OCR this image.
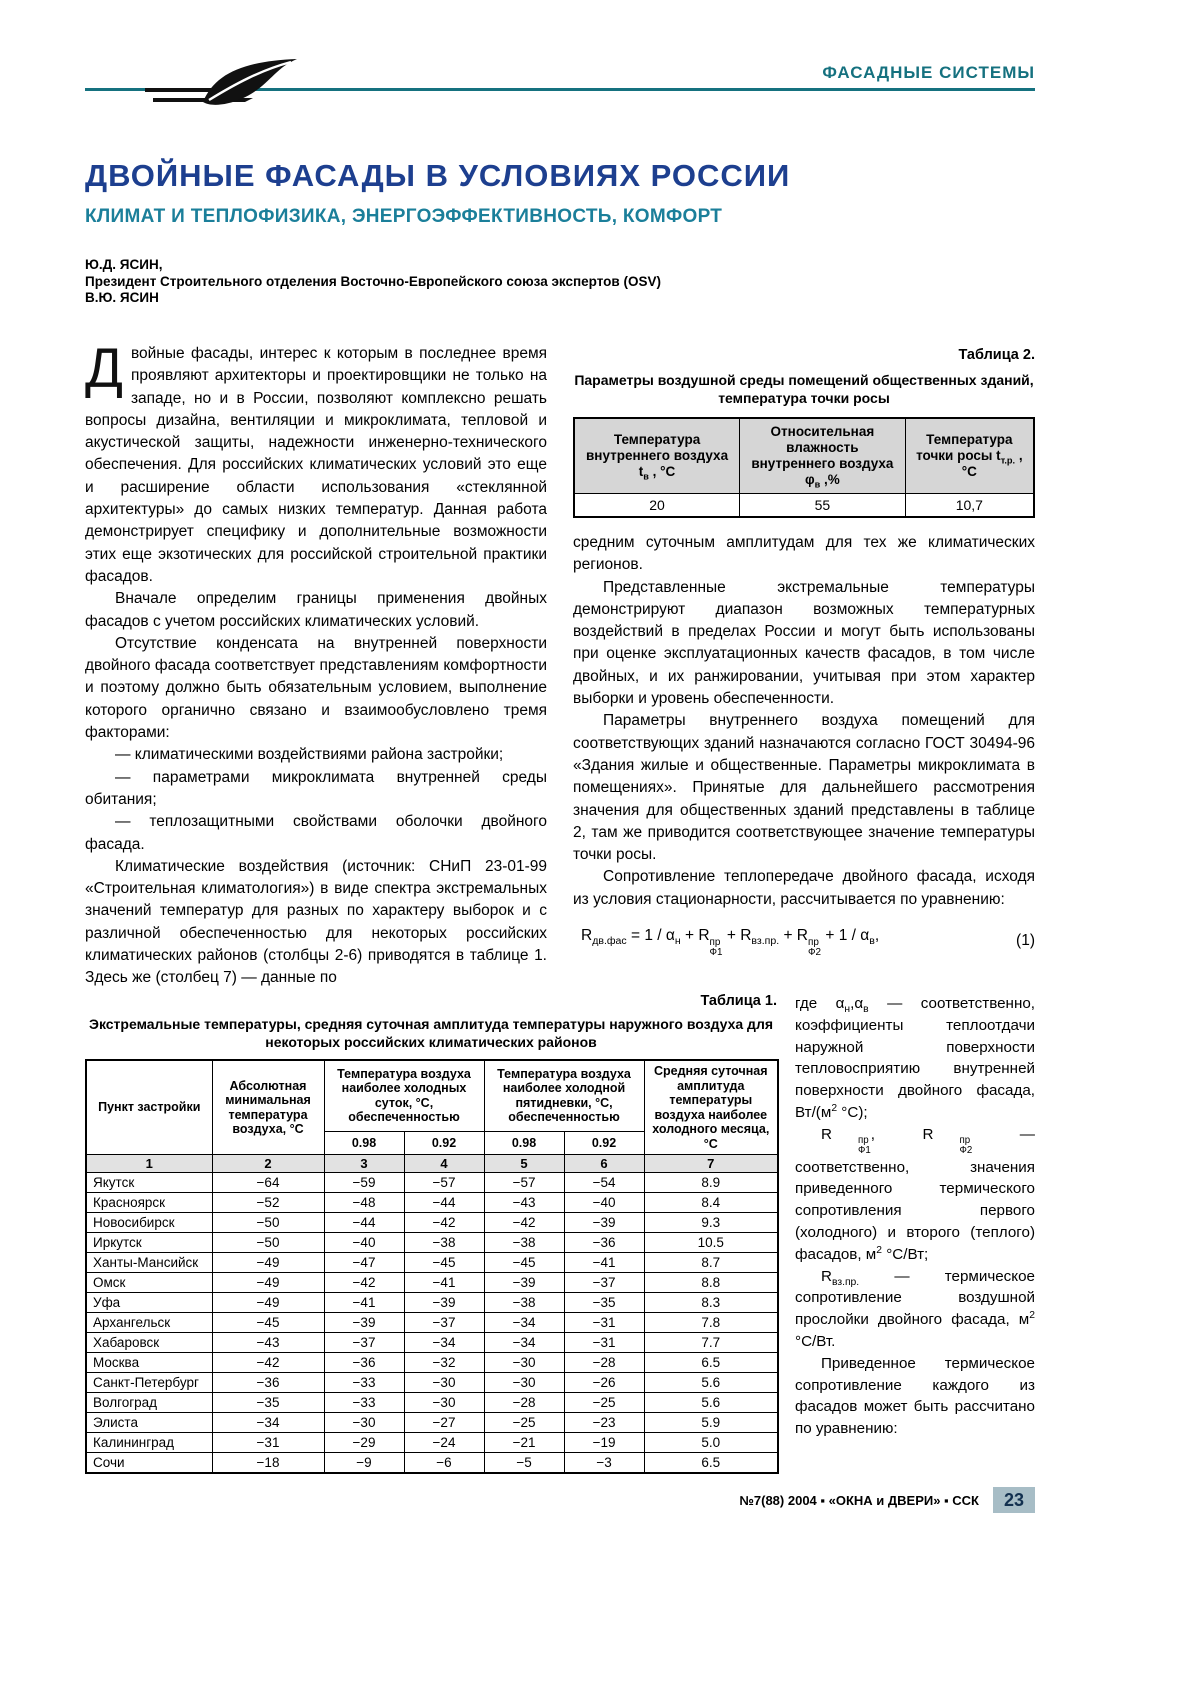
ФАСАДНЫЕ СИСТЕМЫ
ДВОЙНЫЕ ФАСАДЫ В УСЛОВИЯХ РОССИИ
КЛИМАТ И ТЕПЛОФИЗИКА, ЭНЕРГОЭФФЕКТИВНОСТЬ, КОМФОРТ
Ю.Д. ЯСИН,
Президент Строительного отделения Восточно-Европейского союза экспертов (OSV)
В.Ю. ЯСИН

Двойные фасады, интерес к которым в последнее время проявляют архитекторы и проектировщики не только на западе, но и в России, позволяют комплексно решать вопросы дизайна, вентиляции и микроклимата, тепловой и акустической защиты, надежности инженерно-технического обеспечения. Для российских климатических условий это еще и расширение области использования «стеклянной архитектуры» до самых низких температур. Данная работа демонстрирует специфику и дополнительные возможности этих еще экзотических для российской строительной практики фасадов.

Вначале определим границы применения двойных фасадов с учетом российских климатических условий.

Отсутствие конденсата на внутренней поверхности двойного фасада соответствует представлениям комфортности и поэтому должно быть обязательным условием, выполнение которого органично связано и взаимообусловлено тремя факторами:

— климатическими воздействиями района застройки;

— параметрами микроклимата внутренней среды обитания;

— теплозащитными свойствами оболочки двойного фасада.

Климатические воздействия (источник: СНиП 23-01-99 «Строительная климатология») в виде спектра экстремальных значений температур для разных по характеру выборок и с различной обеспеченностью для некоторых российских климатических районов (столбцы 2-6) приводятся в таблице 1. Здесь же (столбец 7) — данные по

Таблица 2.
Параметры воздушной среды помещений общественных зданий, температура точки росы
Температура внутреннего воздуха $t_в$ , °С	Относительная влажность внутреннего воздуха $\varphi_в$ ,%	Температура точки росы $t_{т.р.}$ , °С
20	55	10,7

средним суточным амплитудам для тех же климатических регионов.

Представленные экстремальные температуры демонстрируют диапазон возможных температурных воздействий в пределах России и могут быть использованы при оценке эксплуатационных качеств фасадов, в том числе двойных, и их ранжировании, учитывая при этом характер выборки и уровень обеспеченности.

Параметры внутреннего воздуха помещений для соответствующих зданий назначаются согласно ГОСТ 30494-96 «Здания жилые и общественные. Параметры микроклимата в помещениях». Принятые для дальнейшего рассмотрения значения для общественных зданий представлены в таблице 2, там же приводится соответствующее значение температуры точки росы.

Сопротивление теплопередаче двойного фасада, исходя из условия стационарности, рассчитывается по уравнению:

$R_{дв.фас} = 1 / \alpha_н + R$ пр
Ф1
+ $R_{вз.пр.} + R$ пр
Ф2
+ $1 / \alpha_в$,	(1)
Таблица 1.
Экстремальные температуры, средняя суточная амплитуда температуры наружного воздуха для некоторых российских климатических районов
Пункт застройки	Абсолютная минимальная температура воздуха, °С	Температура воздуха наиболее холодных суток, °С, обеспеченностью		Температура воздуха наиболее холодной пятидневки, °С, обеспеченностью		Средняя суточная амплитуда температуры воздуха наиболее холодного месяца, °С
		0.98	0.92	0.98	0.92	
1	2	3	4	5	6	7
Якутск	−64	−59	−57	−57	−54	8.9
Красноярск	−52	−48	−44	−43	−40	8.4
Новосибирск	−50	−44	−42	−42	−39	9.3
Иркутск	−50	−40	−38	−38	−36	10.5
Ханты-Мансийск	−49	−47	−45	−45	−41	8.7
Омск	−49	−42	−41	−39	−37	8.8
Уфа	−49	−41	−39	−38	−35	8.3
Архангельск	−45	−39	−37	−34	−31	7.8
Хабаровск	−43	−37	−34	−34	−31	7.7
Москва	−42	−36	−32	−30	−28	6.5
Санкт-Петербург	−36	−33	−30	−30	−26	5.6
Волгоград	−35	−33	−30	−28	−25	5.6
Элиста	−34	−30	−27	−25	−23	5.9
Калининград	−31	−29	−24	−21	−19	5.0
Сочи	−18	−9	−6	−5	−3	6.5

где $\alpha_н,\alpha_в$ — соответственно, коэффициенты теплоотдачи наружной поверхности тепловосприятию внутренней поверхности двойного фасада, $Вт/(м^2$ °С);

R	пр
Ф1
, R	пр
Ф2
— соответственно, значения приведенного термического сопротивления первого (холодного) и второго (теплого) фасадов, $м^2$ °С/Вт;

$R_{вз.пр.}$ — термическое сопротивление воздушной прослойки двойного фасада, $м^2$ °С/Вт.

Приведенное термическое сопротивление каждого из фасадов может быть рассчитано по уравнению:

№7(88) 2004 ▪ «ОКНА и ДВЕРИ» ▪ ССК 23
